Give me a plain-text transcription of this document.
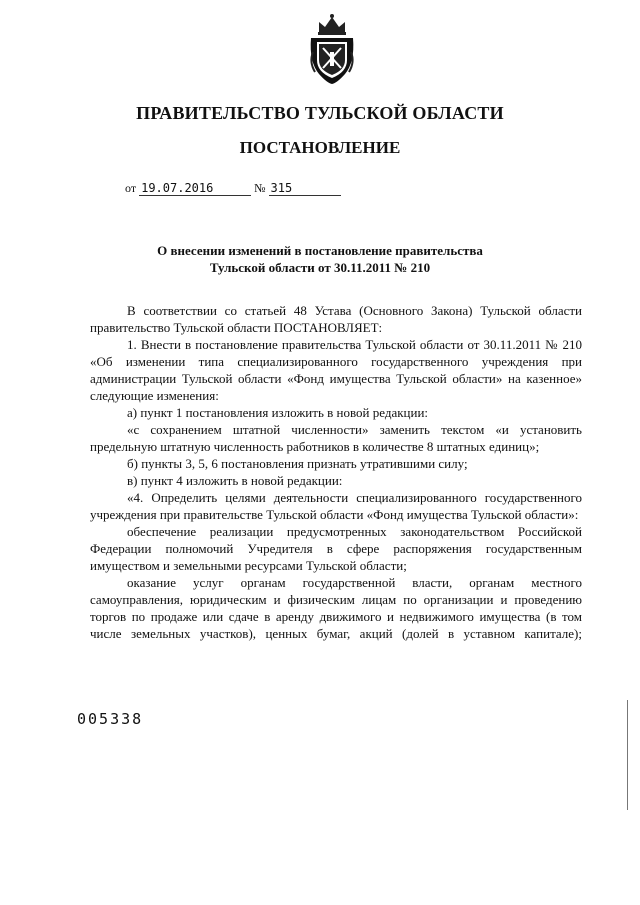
ПРАВИТЕЛЬСТВО ТУЛЬСКОЙ ОБЛАСТИ
ПОСТАНОВЛЕНИЕ
от 19.07.2016	№ 315
О внесении изменений в постановление правительства
Тульской области от 30.11.2011 № 210
В соответствии со статьей 48 Устава (Основного Закона) Тульской области правительство Тульской области ПОСТАНОВЛЯЕТ:
1. Внести в постановление правительства Тульской области от 30.11.2011 № 210 «Об изменении типа специализированного государственного учреждения при администрации Тульской области «Фонд имущества Тульской области» на казенное» следующие изменения:
а) пункт 1 постановления изложить в новой редакции:
«с сохранением штатной численности» заменить текстом «и установить предельную штатную численность работников в количестве 8 штатных единиц»;
б) пункты 3, 5, 6 постановления признать утратившими силу;
в) пункт 4 изложить в новой редакции:
«4. Определить целями деятельности специализированного государственного учреждения при правительстве Тульской области «Фонд имущества Тульской области»:
обеспечение реализации предусмотренных законодательством Российской Федерации полномочий Учредителя в сфере распоряжения государственным имуществом и земельными ресурсами Тульской области;
оказание услуг органам государственной власти, органам местного самоуправления, юридическим и физическим лицам по организации и проведению торгов по продаже или сдаче в аренду движимого и недвижимого имущества (в том числе земельных участков), ценных бумаг, акций (долей в уставном капитале);
005338
